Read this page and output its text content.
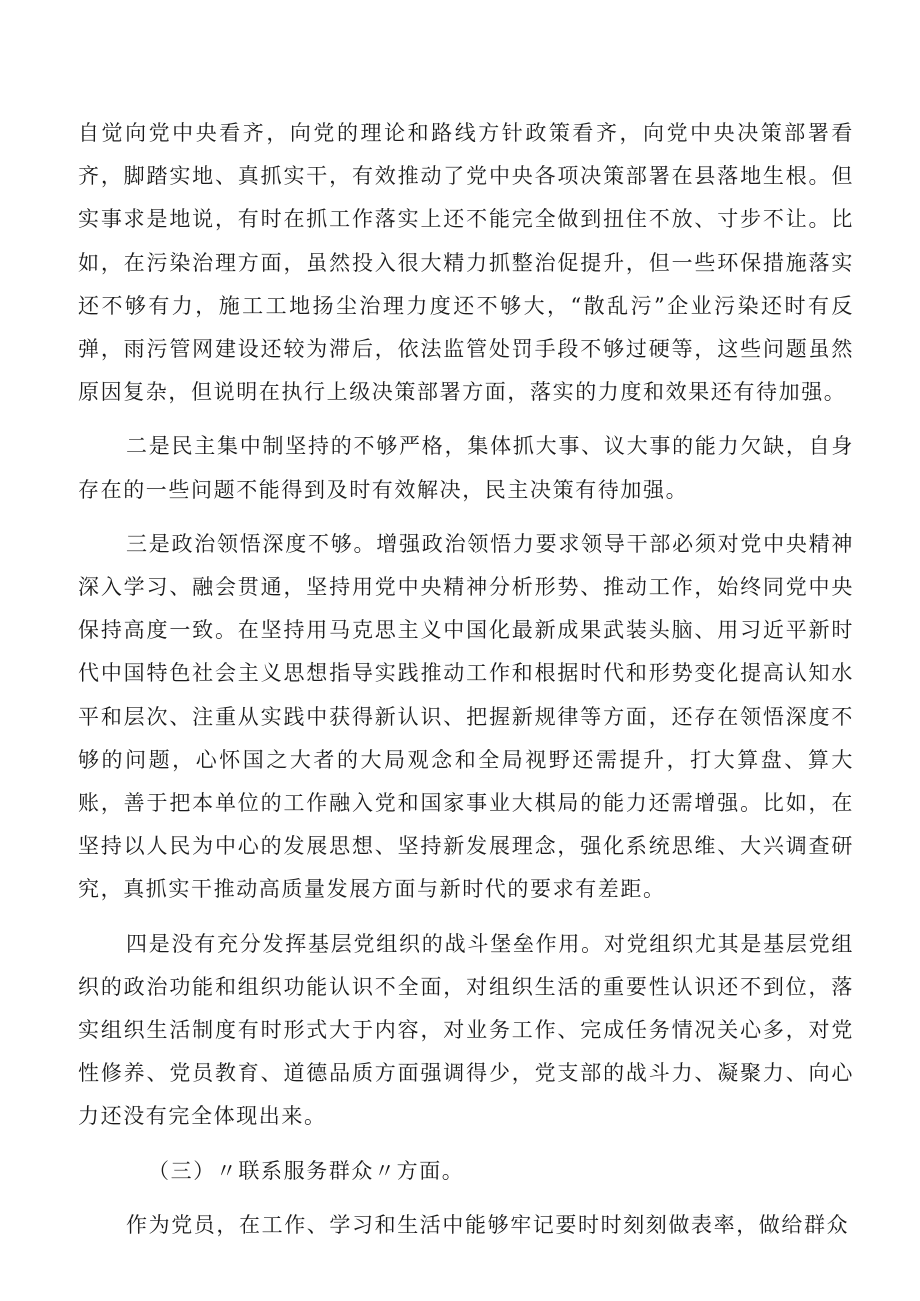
自觉向党中央看齐，向党的理论和路线方针政策看齐，向党中央决策部署看齐，脚踏实地、真抓实干，有效推动了党中央各项决策部署在县落地生根。但实事求是地说，有时在抓工作落实上还不能完全做到扭住不放、寸步不让。比如，在污染治理方面，虽然投入很大精力抓整治促提升，但一些环保措施落实还不够有力，施工工地扬尘治理力度还不够大，“散乱污”企业污染还时有反弹，雨污管网建设还较为滞后，依法监管处罚手段不够过硬等，这些问题虽然原因复杂，但说明在执行上级决策部署方面，落实的力度和效果还有待加强。

二是民主集中制坚持的不够严格，集体抓大事、议大事的能力欠缺，自身存在的一些问题不能得到及时有效解决，民主决策有待加强。

三是政治领悟深度不够。增强政治领悟力要求领导干部必须对党中央精神深入学习、融会贯通，坚持用党中央精神分析形势、推动工作，始终同党中央保持高度一致。在坚持用马克思主义中国化最新成果武装头脑、用习近平新时代中国特色社会主义思想指导实践推动工作和根据时代和形势变化提高认知水平和层次、注重从实践中获得新认识、把握新规律等方面，还存在领悟深度不够的问题，心怀国之大者的大局观念和全局视野还需提升，打大算盘、算大账，善于把本单位的工作融入党和国家事业大棋局的能力还需增强。比如，在坚持以人民为中心的发展思想、坚持新发展理念，强化系统思维、大兴调查研究，真抓实干推动高质量发展方面与新时代的要求有差距。

四是没有充分发挥基层党组织的战斗堡垒作用。对党组织尤其是基层党组织的政治功能和组织功能认识不全面，对组织生活的重要性认识还不到位，落实组织生活制度有时形式大于内容，对业务工作、完成任务情况关心多，对党性修养、党员教育、道德品质方面强调得少，党支部的战斗力、凝聚力、向心力还没有完全体现出来。

（三）〃联系服务群众〃方面。

作为党员，在工作、学习和生活中能够牢记要时时刻刻做表率，做给群众
